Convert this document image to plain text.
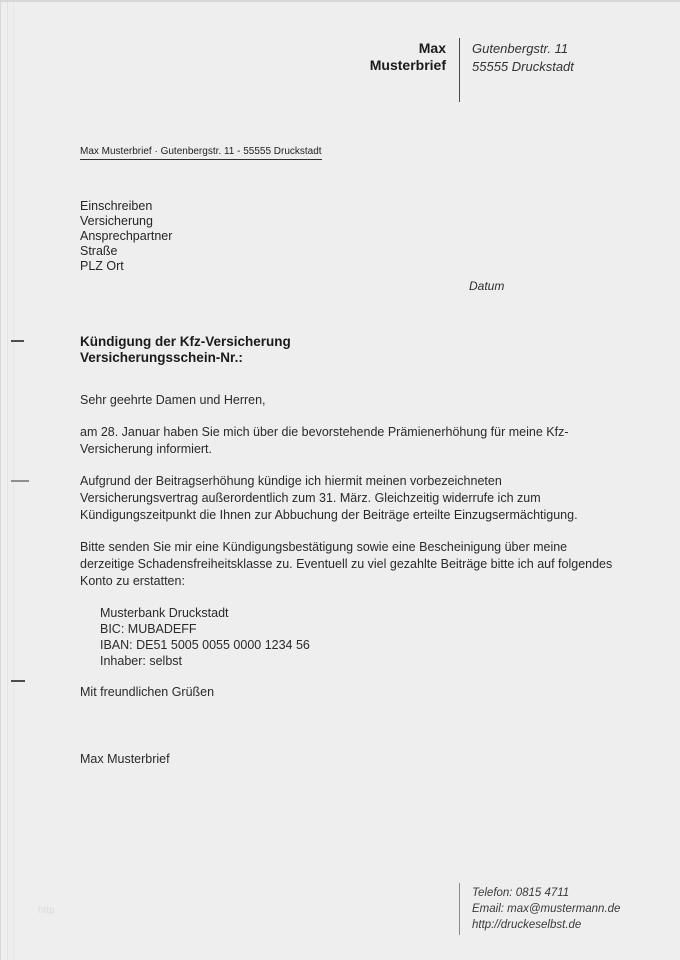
Max
Musterbrief
Gutenbergstr. 11
55555 Druckstadt
Max Musterbrief · Gutenbergstr. 11 - 55555 Druckstadt
Einschreiben
Versicherung
Ansprechpartner
Straße
PLZ Ort
Datum
Kündigung der Kfz-Versicherung
Versicherungsschein-Nr.:

Sehr geehrte Damen und Herren,

am 28. Januar haben Sie mich über die bevorstehende Prämienerhöhung für meine Kfz-Versicherung informiert.

Aufgrund der Beitragserhöhung kündige ich hiermit meinen vorbezeichneten Versicherungsvertrag außerordentlich zum 31. März. Gleichzeitig widerrufe ich zum Kündigungszeitpunkt die Ihnen zur Abbuchung der Beiträge erteilte Einzugsermächtigung.

Bitte senden Sie mir eine Kündigungsbestätigung sowie eine Bescheinigung über meine derzeitige Schadensfreiheitsklasse zu. Eventuell zu viel gezahlte Beiträge bitte ich auf folgendes Konto zu erstatten:

Musterbank Druckstadt
BIC: MUBADEFF
IBAN: DE51 5005 0055 0000 1234 56
Inhaber: selbst

Mit freundlichen Grüßen

Max Musterbrief

Telefon: 0815 4711
Email: max@mustermann.de
http://druckeselbst.de
http
